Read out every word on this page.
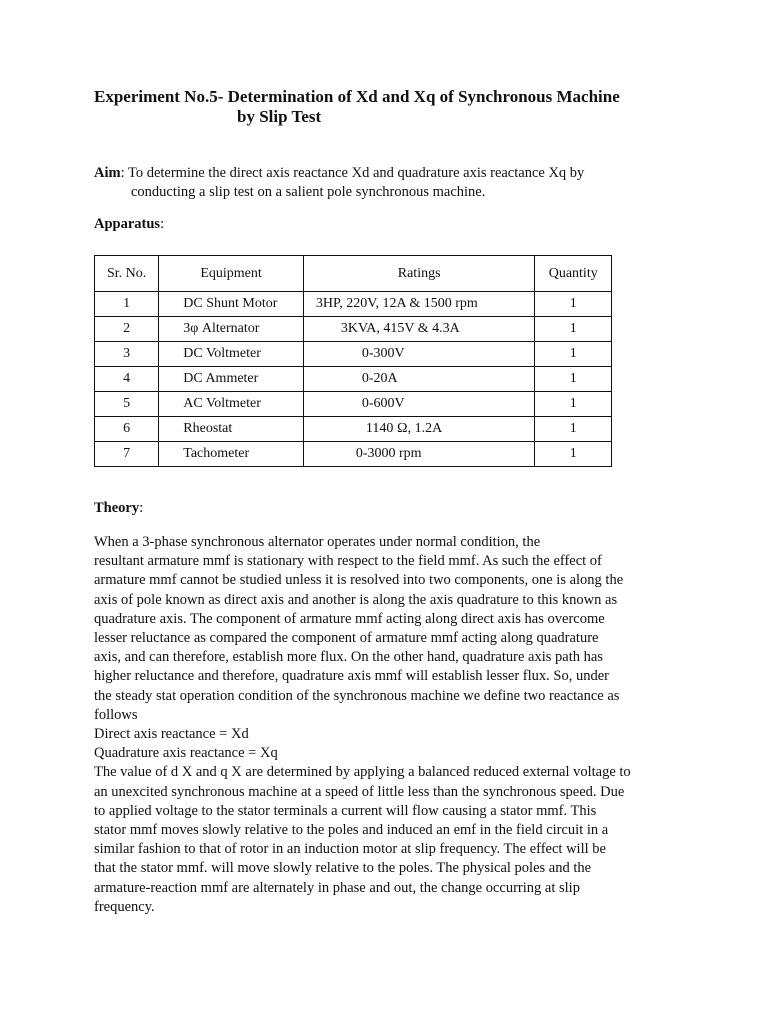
Experiment No.5- Determination of Xd and Xq of Synchronous Machine
by Slip Test

Aim: To determine the direct axis reactance Xd and quadrature axis reactance Xq by
conducting a slip test on a salient pole synchronous machine.

Apparatus:

Sr. No.	Equipment	Ratings	Quantity
1	DC Shunt Motor	3HP, 220V, 12A & 1500 rpm	1
2	3φ Alternator	3KVA, 415V & 4.3A	1
3	DC Voltmeter	0-300V	1
4	DC Ammeter	0-20A	1
5	AC Voltmeter	0-600V	1
6	Rheostat	1140 Ω, 1.2A	1
7	Tachometer	0-3000 rpm	1

Theory:

When a 3-phase synchronous alternator operates under normal condition, the
resultant armature mmf is stationary with respect to the field mmf. As such the effect of
armature mmf cannot be studied unless it is resolved into two components, one is along the
axis of pole known as direct axis and another is along the axis quadrature to this known as
quadrature axis. The component of armature mmf acting along direct axis has overcome
lesser reluctance as compared the component of armature mmf acting along quadrature
axis, and can therefore, establish more flux. On the other hand, quadrature axis path has
higher reluctance and therefore, quadrature axis mmf will establish lesser flux. So, under
the steady stat operation condition of the synchronous machine we define two reactance as
follows
Direct axis reactance = Xd
Quadrature axis reactance = Xq
The value of d X and q X are determined by applying a balanced reduced external voltage to
an unexcited synchronous machine at a speed of little less than the synchronous speed. Due
to applied voltage to the stator terminals a current will flow causing a stator mmf. This
stator mmf moves slowly relative to the poles and induced an emf in the field circuit in a
similar fashion to that of rotor in an induction motor at slip frequency. The effect will be
that the stator mmf. will move slowly relative to the poles. The physical poles and the
armature-reaction mmf are alternately in phase and out, the change occurring at slip
frequency.
